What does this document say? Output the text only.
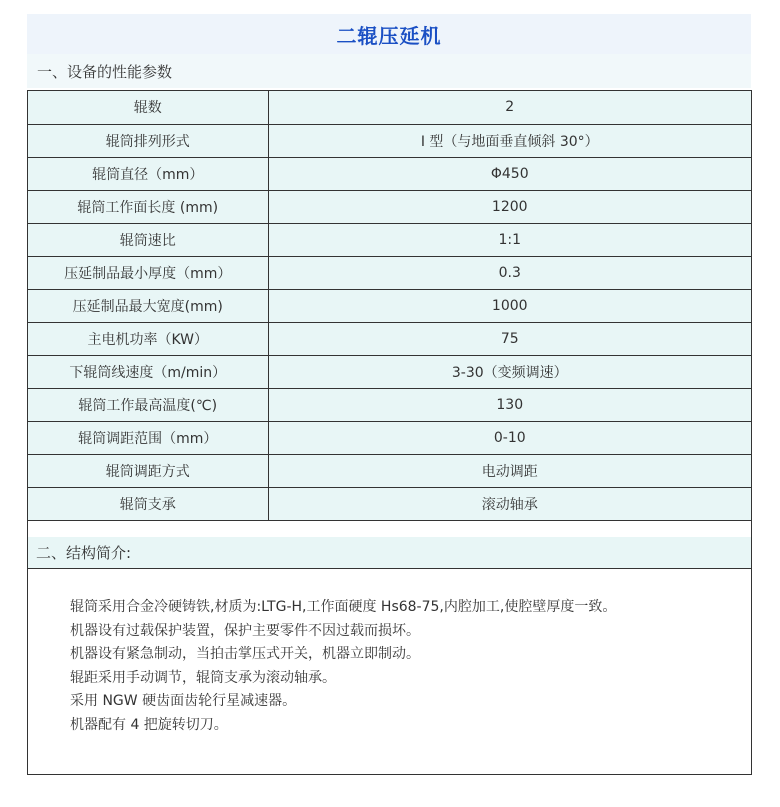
二辊压延机
一、设备的性能参数
辊数	2
辊筒排列形式	I 型（与地面垂直倾斜 30°）
辊筒直径（mm）	Φ450
辊筒工作面长度 (mm)	1200
辊筒速比	1:1
压延制品最小厚度（mm）	0.3
压延制品最大宽度(mm)	1000
主电机功率（KW）	75
下辊筒线速度（m/min）	3-30（变频调速）
辊筒工作最高温度(℃)	130
辊筒调距范围（mm）	0-10
辊筒调距方式	电动调距
辊筒支承	滚动轴承
二、结构简介:

辊筒采用合金冷硬铸铁,材质为:LTG-H,工作面硬度 Hs68-75,内腔加工,使腔壁厚度一致。

机器设有过载保护装置，保护主要零件不因过载而损坏。

机器设有紧急制动，当拍击掌压式开关，机器立即制动。

辊距采用手动调节，辊筒支承为滚动轴承。

采用 NGW 硬齿面齿轮行星减速器。

机器配有 4 把旋转切刀。
